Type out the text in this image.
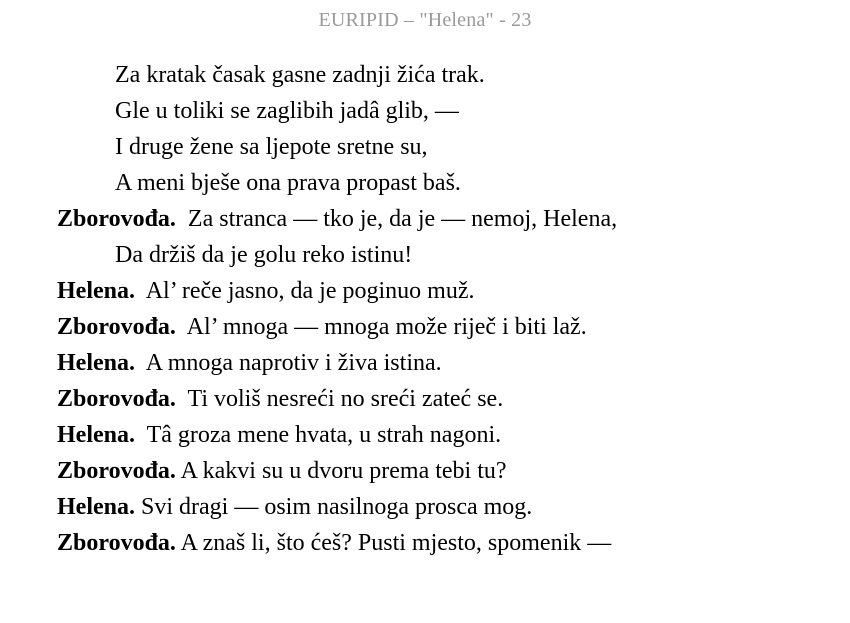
EURIPID – "Helena" - 23
Za kratak časak gasne zadnji žića trak.
Gle u toliki se zaglibih jadâ glib, —
I druge žene sa ljepote sretne su,
A meni bješe ona prava propast baš.
Zborovođa. Za stranca — tko je, da je — nemoj, Helena,
Da držiš da je golu reko istinu!
Helena. Al’ reče jasno, da je poginuo muž.
Zborovođa. Al’ mnoga — mnoga može riječ i biti laž.
Helena. A mnoga naprotiv i živa istina.
Zborovođa. Ti voliš nesreći no sreći zateć se.
Helena. Tâ groza mene hvata, u strah nagoni.
Zborovođa. A kakvi su u dvoru prema tebi tu?
Helena. Svi dragi — osim nasilnoga prosca mog.
Zborovođa. A znaš li, što ćeš? Pusti mjesto, spomenik —
